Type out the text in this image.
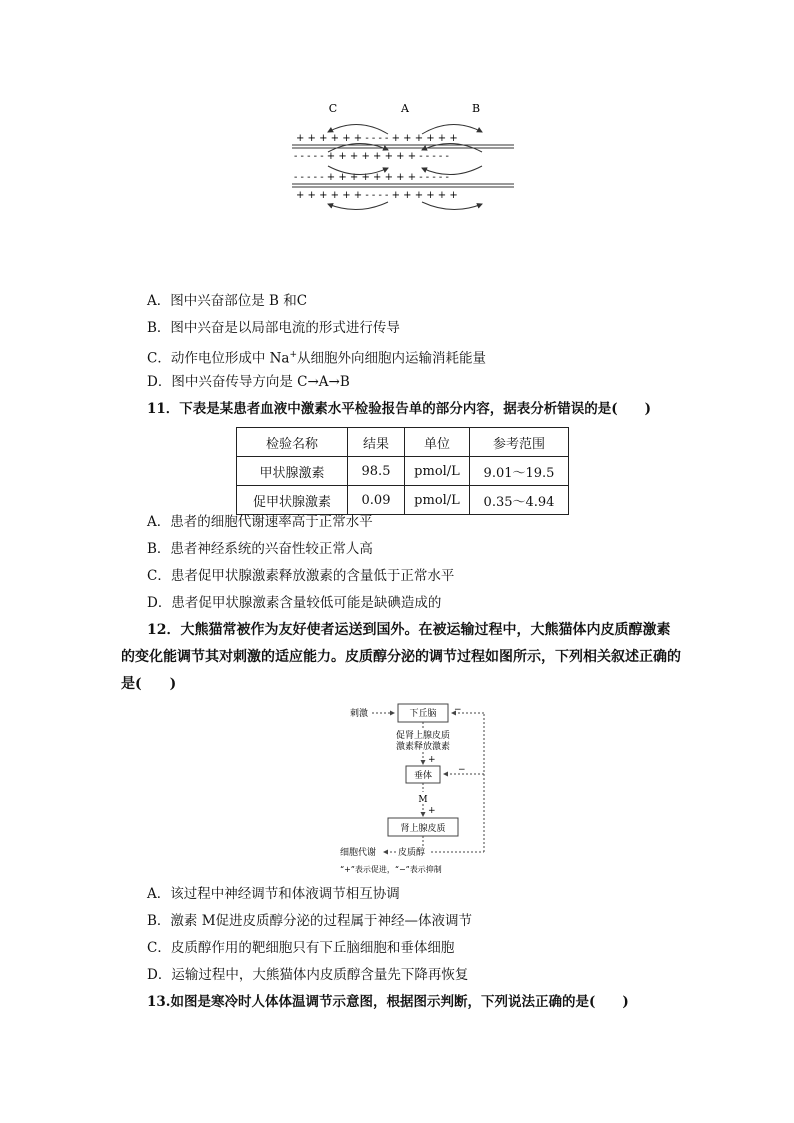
C	A	B
+ + + + + + - - - - + + + + + +
- - - - - + + + + + + + + - - - - -
- - - - - + + + + + + + + - - - - -
+ + + + + + - - - - + + + + + +
A．图中兴奋部位是 B 和C
B．图中兴奋是以局部电流的形式进行传导
C．动作电位形成中 Na+从细胞外向细胞内运输消耗能量
D．图中兴奋传导方向是 C→A→B
11．下表是某患者血液中激素水平检验报告单的部分内容，据表分析错误的是(　　)
检验名称	结果	单位	参考范围
甲状腺激素	98.5	pmol/L	9.01～19.5
促甲状腺激素	0.09	pmol/L	0.35～4.94
A．患者的细胞代谢速率高于正常水平
B．患者神经系统的兴奋性较正常人高
C．患者促甲状腺激素释放激素的含量低于正常水平
D．患者促甲状腺激素含量较低可能是缺碘造成的
12．大熊猫常被作为友好使者运送到国外。在被运输过程中，大熊猫体内皮质醇激素的变化能调节其对刺激的适应能力。皮质醇分泌的调节过程如图所示，下列相关叙述正确的是(　　)
刺激	下丘脑 −
促肾上腺皮质
激素释放激素
+
垂体
−
M
+
肾上腺皮质
皮质醇
细胞代谢
“+”表示促进，“−”表示抑制
A．该过程中神经调节和体液调节相互协调
B．激素 M促进皮质醇分泌的过程属于神经—体液调节
C．皮质醇作用的靶细胞只有下丘脑细胞和垂体细胞
D．运输过程中，大熊猫体内皮质醇含量先下降再恢复
13.如图是寒冷时人体体温调节示意图，根据图示判断，下列说法正确的是(　　)
